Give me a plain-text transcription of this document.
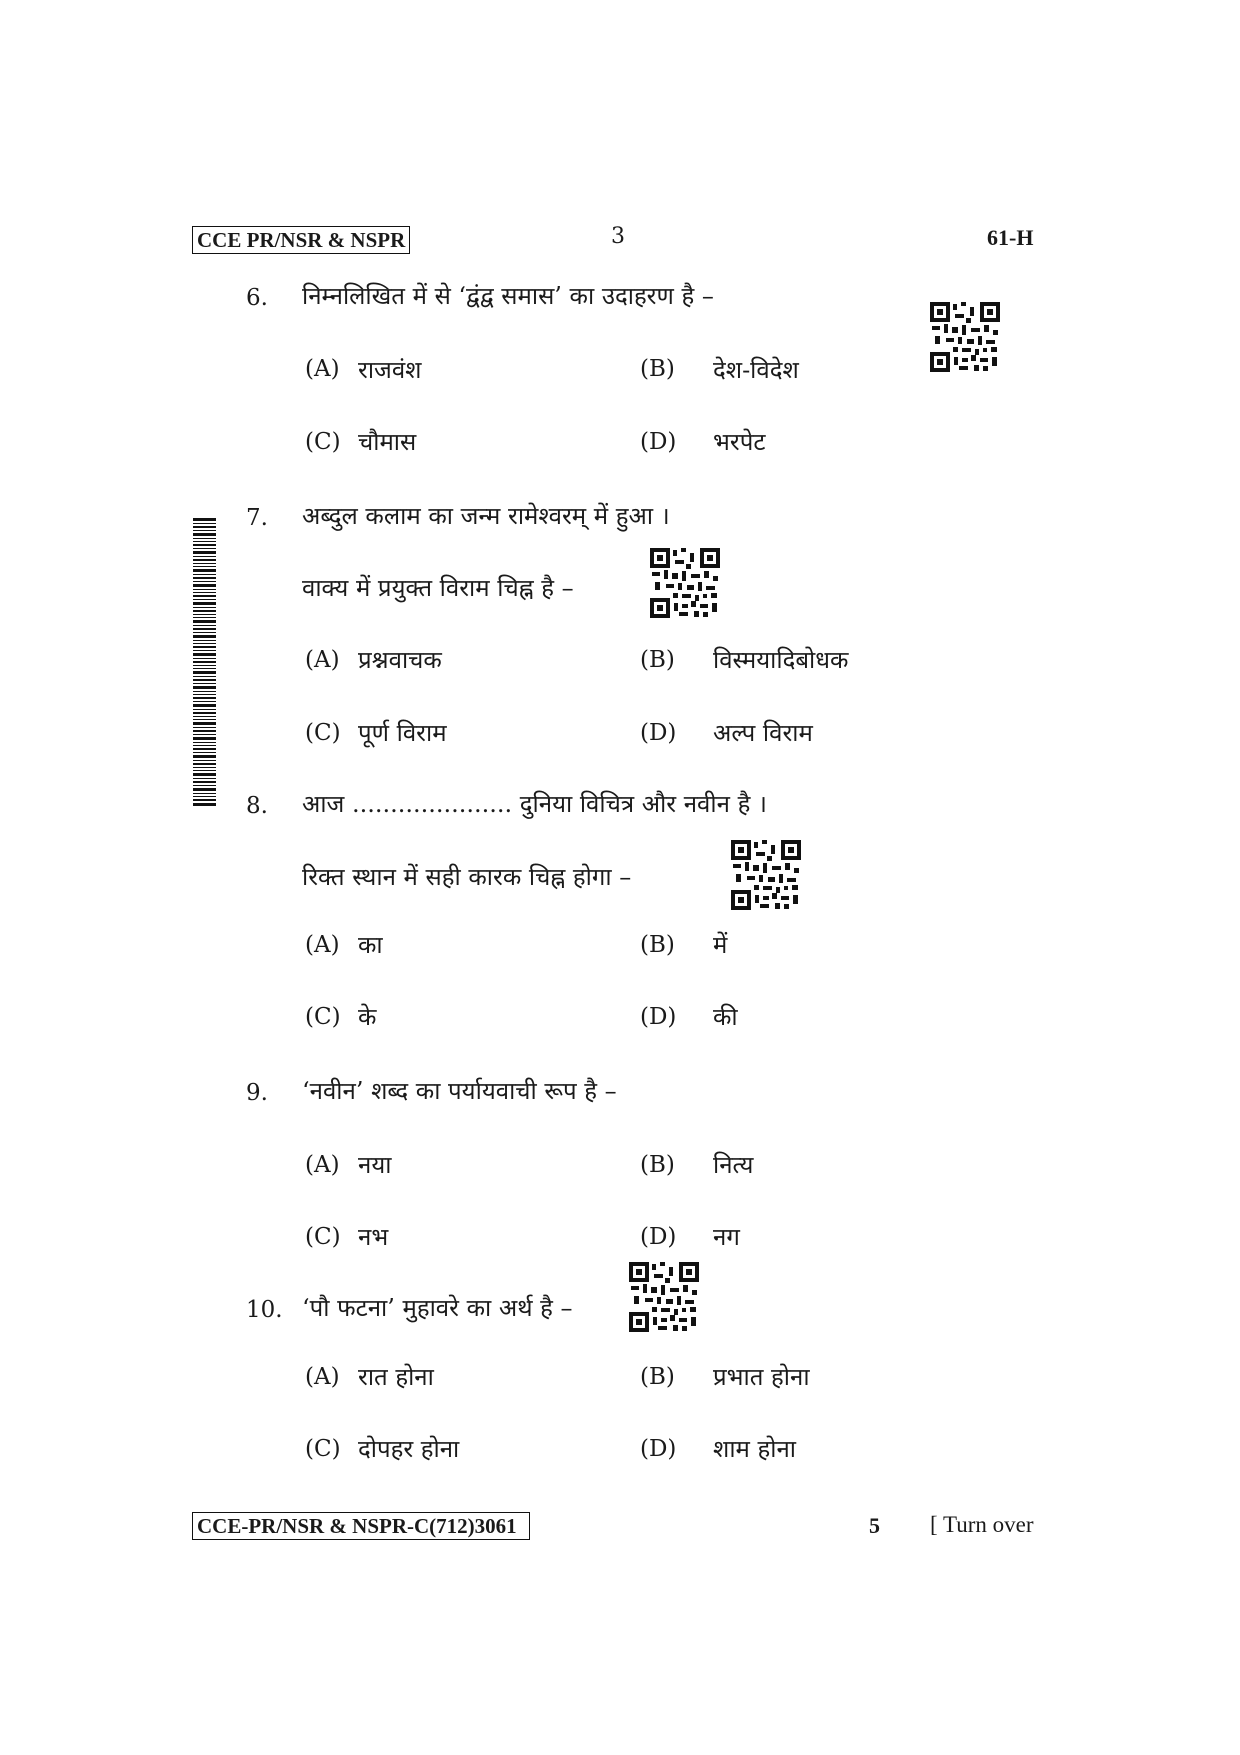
CCE PR/NSR & NSPR	3	61-H
6. निम्नलिखित में से ‘द्वंद्व समास’ का उदाहरण है –
(A) राजवंश	(B) देश-विदेश
(C) चौमास	(D) भरपेट
7. अब्दुल कलाम का जन्म रामेश्वरम् में हुआ ।
वाक्य में प्रयुक्त विराम चिह्न है –
(A) प्रश्नवाचक	(B) विस्मयादिबोधक
(C) पूर्ण विराम	(D) अल्प विराम
8. आज ..................... दुनिया विचित्र और नवीन है ।
रिक्त स्थान में सही कारक चिह्न होगा –
(A) का	(B) में
(C) के	(D) की
9. ‘नवीन’ शब्द का पर्यायवाची रूप है –
(A) नया	(B) नित्य
(C) नभ	(D) नग
10. ‘पौ फटना’ मुहावरे का अर्थ है –
(A) रात होना	(B) प्रभात होना
(C) दोपहर होना	(D) शाम होना
CCE-PR/NSR & NSPR-C(712)3061	5 [ Turn over
